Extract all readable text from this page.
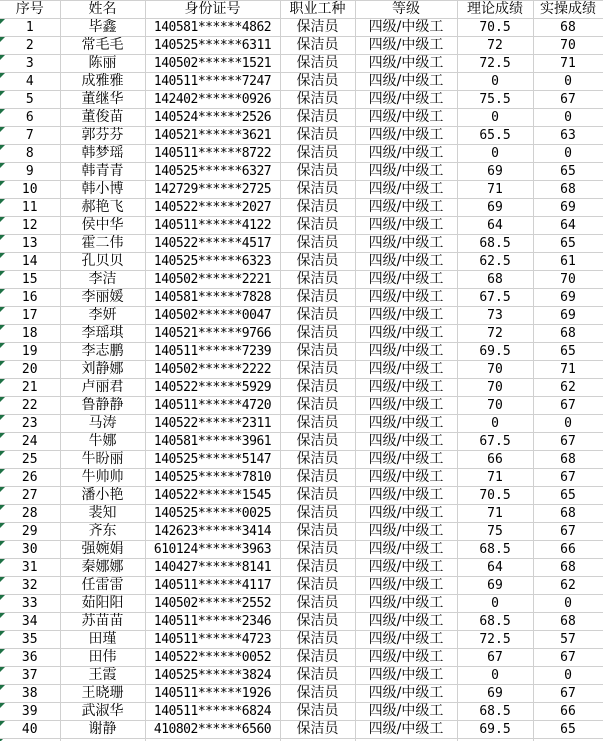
序号	姓名	身份证号	职业工种	等级	理论成绩	实操成绩

1	毕鑫	140581******4862	保洁员	四级/中级工	70.5	68

2	常毛毛	140525******6311	保洁员	四级/中级工	72	70

3	陈丽	140502******1521	保洁员	四级/中级工	72.5	71

4	成雅雅	140511******7247	保洁员	四级/中级工	0	0

5	董继华	142402******0926	保洁员	四级/中级工	75.5	67

6	董俊苗	140524******2526	保洁员	四级/中级工	0	0

7	郭芬芬	140521******3621	保洁员	四级/中级工	65.5	63

8	韩梦瑶	140511******8722	保洁员	四级/中级工	0	0

9	韩青青	140525******6327	保洁员	四级/中级工	69	65

10	韩小博	142729******2725	保洁员	四级/中级工	71	68

11	郝艳飞	140522******2027	保洁员	四级/中级工	69	69

12	侯中华	140511******4122	保洁员	四级/中级工	64	64

13	霍二伟	140522******4517	保洁员	四级/中级工	68.5	65

14	孔贝贝	140525******6323	保洁员	四级/中级工	62.5	61

15	李洁	140502******2221	保洁员	四级/中级工	68	70

16	李丽媛	140581******7828	保洁员	四级/中级工	67.5	69

17	李妍	140502******0047	保洁员	四级/中级工	73	69

18	李瑶琪	140521******9766	保洁员	四级/中级工	72	68

19	李志鹏	140511******7239	保洁员	四级/中级工	69.5	65

20	刘静娜	140502******2222	保洁员	四级/中级工	70	71

21	卢丽君	140522******5929	保洁员	四级/中级工	70	62

22	鲁静静	140511******4720	保洁员	四级/中级工	70	67

23	马涛	140522******2311	保洁员	四级/中级工	0	0

24	牛娜	140581******3961	保洁员	四级/中级工	67.5	67

25	牛盼丽	140525******5147	保洁员	四级/中级工	66	68

26	牛帅帅	140525******7810	保洁员	四级/中级工	71	67

27	潘小艳	140522******1545	保洁员	四级/中级工	70.5	65

28	裴知	140525******0025	保洁员	四级/中级工	71	68

29	齐东	142623******3414	保洁员	四级/中级工	75	67

30	强婉娟	610124******3963	保洁员	四级/中级工	68.5	66

31	秦娜娜	140427******8141	保洁员	四级/中级工	64	68

32	任雷雷	140511******4117	保洁员	四级/中级工	69	62

33	茹阳阳	140502******2552	保洁员	四级/中级工	0	0

34	苏苗苗	140511******2346	保洁员	四级/中级工	68.5	68

35	田瑾	140511******4723	保洁员	四级/中级工	72.5	57

36	田伟	140522******0052	保洁员	四级/中级工	67	67

37	王霞	140525******3824	保洁员	四级/中级工	0	0

38	王晓珊	140511******1926	保洁员	四级/中级工	69	67

39	武淑华	140511******6824	保洁员	四级/中级工	68.5	66

40	谢静	410802******6560	保洁员	四级/中级工	69.5	65
